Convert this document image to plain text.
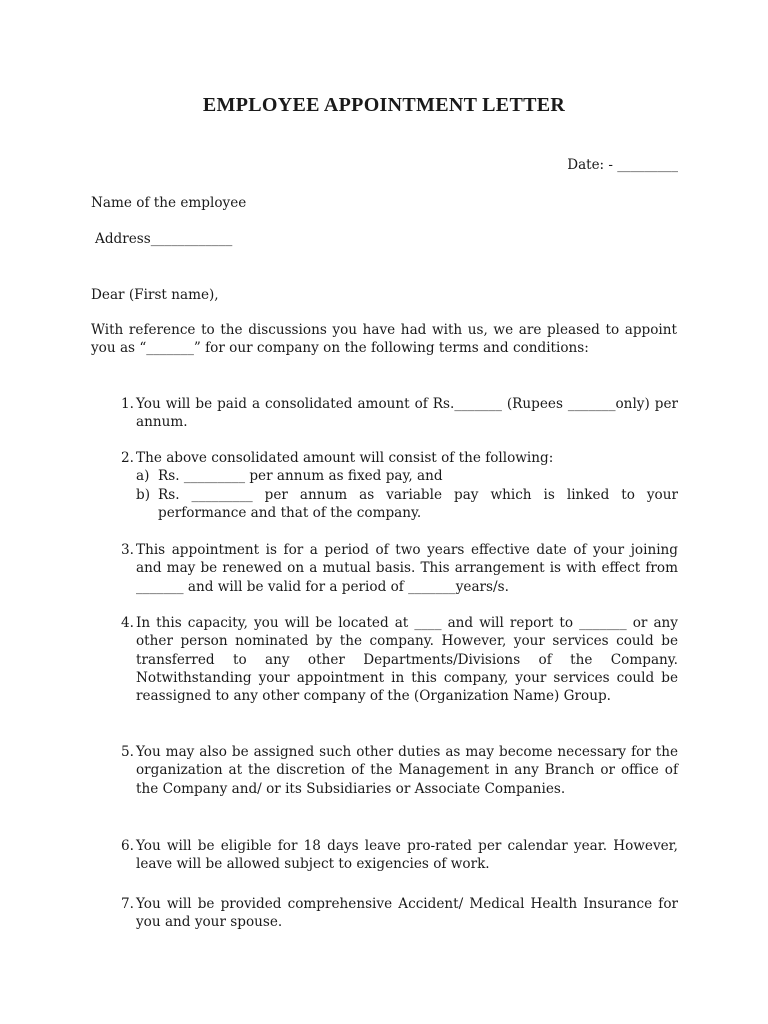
EMPLOYEE APPOINTMENT LETTER
Date: - _________
Name of the employee
Address____________
Dear (First name),
With reference to the discussions you have had with us, we are pleased to appoint you as “_______” for our company on the following terms and conditions:
1. You will be paid a consolidated amount of Rs._______ (Rupees _______only) per annum.
2. The above consolidated amount will consist of the following:
a) Rs. _________ per annum as fixed pay, and
b) Rs. _________ per annum as variable pay which is linked to your performance and that of the company.
3. This appointment is for a period of two years effective date of your joining and may be renewed on a mutual basis. This arrangement is with effect from _______ and will be valid for a period of _______years/s.
4. In this capacity, you will be located at ____ and will report to _______ or any other person nominated by the company. However, your services could be transferred to any other Departments/Divisions of the Company. Notwithstanding your appointment in this company, your services could be reassigned to any other company of the (Organization Name) Group.
5. You may also be assigned such other duties as may become necessary for the organization at the discretion of the Management in any Branch or office of the Company and/ or its Subsidiaries or Associate Companies.
6. You will be eligible for 18 days leave pro-rated per calendar year. However, leave will be allowed subject to exigencies of work.
7. You will be provided comprehensive Accident/ Medical Health Insurance for you and your spouse.
